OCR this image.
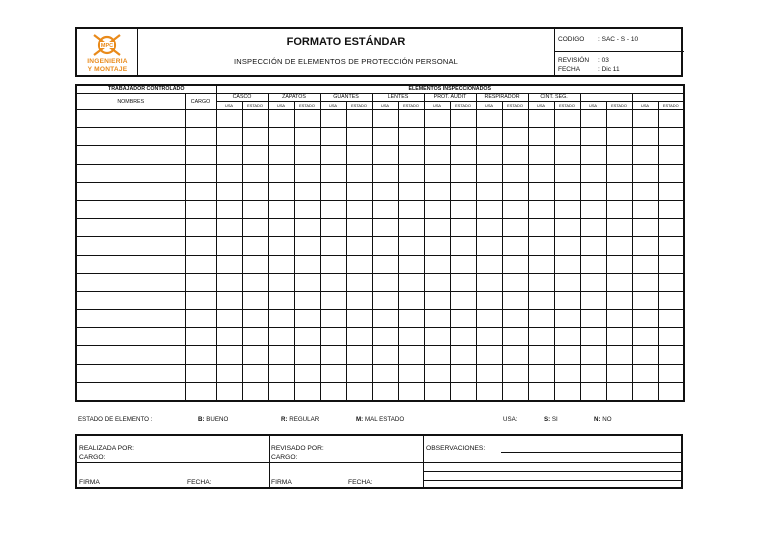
MPC
INGENIERIA
Y MONTAJE
FORMATO ESTÁNDAR
INSPECCIÓN DE ELEMENTOS DE PROTECCIÓN PERSONAL
CODIGO : SAC - S - 10
REVISIÓN : 03
FECHA	: Dic 11
TRABAJADOR CONTROLADO		ELEMENTOS INSPECCIONADOS																	
NOMBRES	CARGO	CASCO		ZAPATOS		GUANTES		LENTES		PROT. AUDIT		RESPIRADOR		CINT. SEG.					
		USA	ESTADO	USA	ESTADO	USA	ESTADO	USA	ESTADO	USA	ESTADO	USA	ESTADO	USA	ESTADO	USA	ESTADO	USA	ESTADO

ESTADO DE ELEMENTO :	B: BUENO	R: REGULAR	M: MAL ESTADO	USA:	S: SI	N: NO
REALIZADA POR:
CARGO:
FIRMA	FECHA:
REVISADO POR:
CARGO:
FIRMA	FECHA:
OBSERVACIONES:
